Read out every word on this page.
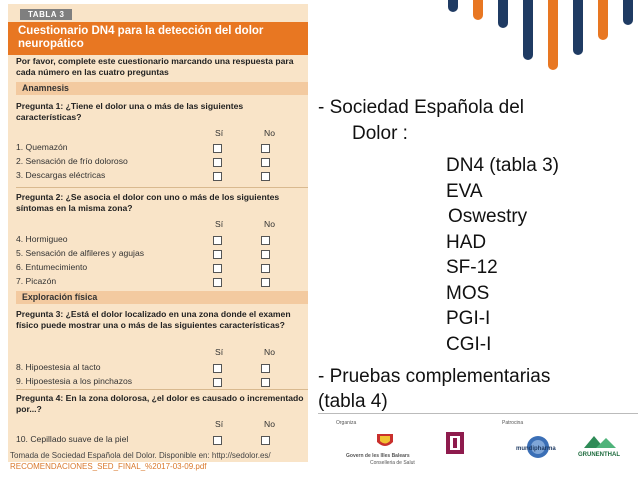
TABLA 3
Cuestionario DN4 para la detección del dolor neuropático
Por favor, complete este cuestionario marcando una respuesta para cada número en las cuatro preguntas
Anamnesis
Pregunta 1: ¿Tiene el dolor una o más de las siguientes características?
Sí	No
1. Quemazón
2. Sensación de frío doloroso
3. Descargas eléctricas
Pregunta 2: ¿Se asocia el dolor con uno o más de los siguientes síntomas en la misma zona?
Sí	No
4. Hormigueo
5. Sensación de alfileres y agujas
6. Entumecimiento
7. Picazón
Exploración física
Pregunta 3: ¿Está el dolor localizado en una zona donde el examen físico puede mostrar una o más de las siguientes características?
Sí	No
8. Hipoestesia al tacto
9. Hipoestesia a los pinchazos
Pregunta 4: En la zona dolorosa, ¿el dolor es causado o incrementado por...?
Sí	No
10. Cepillado suave de la piel
Tomada de Sociedad Española del Dolor. Disponible en: http://sedolor.es/
RECOMENDACIONES_SED_FINAL_%2017-03-09.pdf
- Sociedad Española del
Dolor :
DN4 (tabla 3)
EVA
Oswestry
HAD
SF-12
MOS
PGI-I
CGI-I
- Pruebas complementarias
(tabla 4)
Organiza
Govern de les Illes Balears
Conselleria de Salut
Patrocina
mundipharma
GRUNENTHAL
